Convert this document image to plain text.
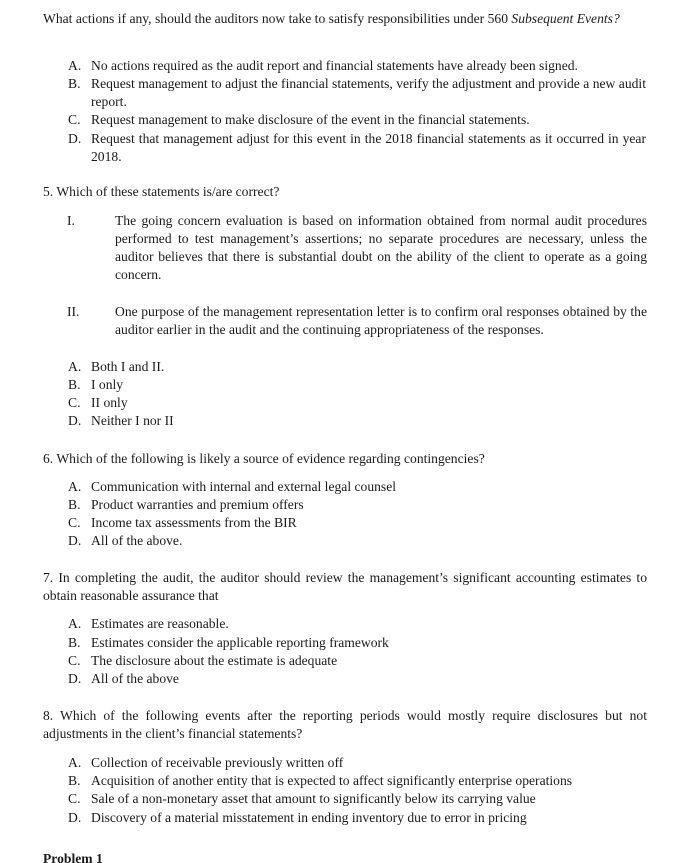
What actions if any, should the auditors now take to satisfy responsibilities under 560 Subsequent Events?
A. No actions required as the audit report and financial statements have already been signed.
B. Request management to adjust the financial statements, verify the adjustment and provide a new audit report.
C. Request management to make disclosure of the event in the financial statements.
D. Request that management adjust for this event in the 2018 financial statements as it occurred in year 2018.
5. Which of these statements is/are correct?
I.	The going concern evaluation is based on information obtained from normal audit procedures performed to test management’s assertions; no separate procedures are necessary, unless the auditor believes that there is substantial doubt on the ability of the client to operate as a going concern.
II.	One purpose of the management representation letter is to confirm oral responses obtained by the auditor earlier in the audit and the continuing appropriateness of the responses.
A. Both I and II.
B. I only
C. II only
D. Neither I nor II
6. Which of the following is likely a source of evidence regarding contingencies?
A. Communication with internal and external legal counsel
B. Product warranties and premium offers
C. Income tax assessments from the BIR
D. All of the above.
7. In completing the audit, the auditor should review the management’s significant accounting estimates to obtain reasonable assurance that
A. Estimates are reasonable.
B. Estimates consider the applicable reporting framework
C. The disclosure about the estimate is adequate
D. All of the above
8. Which of the following events after the reporting periods would mostly require disclosures but not adjustments in the client’s financial statements?
A. Collection of receivable previously written off
B. Acquisition of another entity that is expected to affect significantly enterprise operations
C. Sale of a non-monetary asset that amount to significantly below its carrying value
D. Discovery of a material misstatement in ending inventory due to error in pricing
Problem 1
